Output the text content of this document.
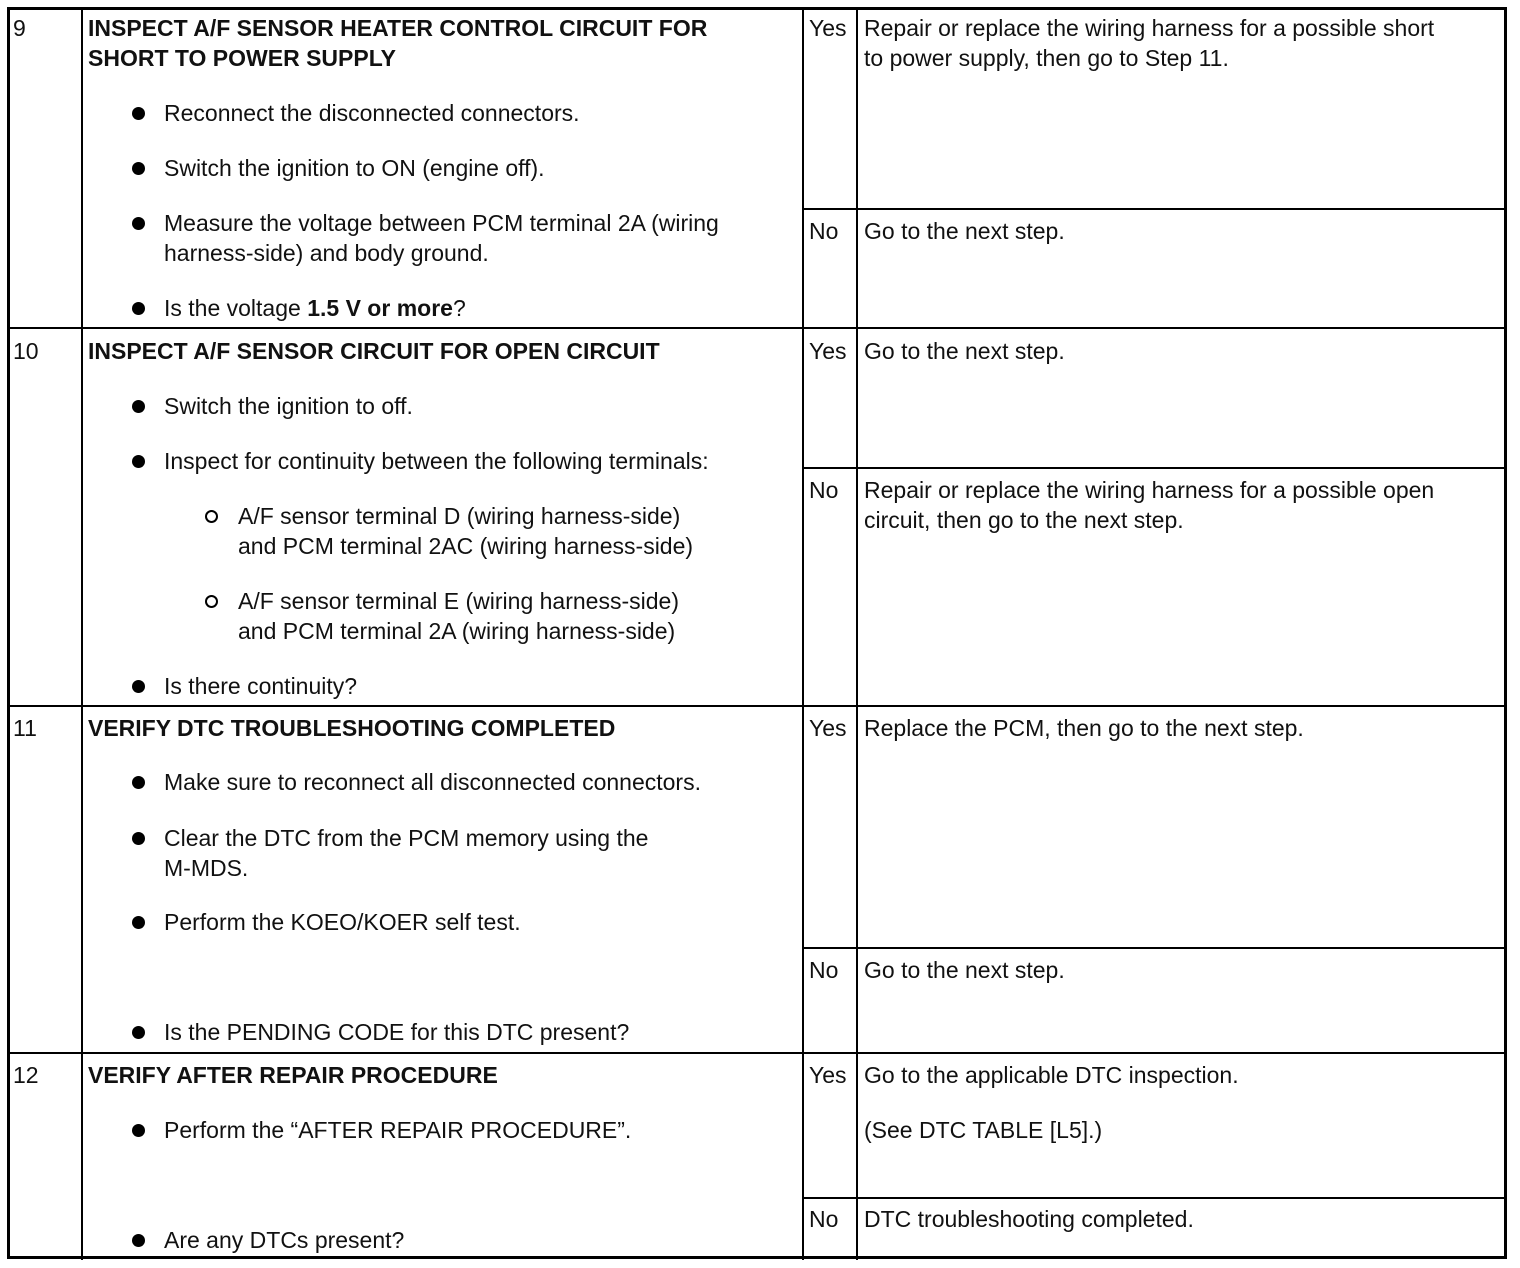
9	INSPECT A/F SENSOR HEATER CONTROL CIRCUIT FOR
SHORT TO POWER SUPPLY
Reconnect the disconnected connectors.
Switch the ignition to ON (engine off).
Measure the voltage between PCM terminal 2A (wiring
harness-side) and body ground.
Is the voltage 1.5 V or more?
Yes Repair or replace the wiring harness for a possible short
to power supply, then go to Step 11.
No Go to the next step.
10 INSPECT A/F SENSOR CIRCUIT FOR OPEN CIRCUIT
Switch the ignition to off.
Inspect for continuity between the following terminals:
A/F sensor terminal D (wiring harness-side)
and PCM terminal 2AC (wiring harness-side)
A/F sensor terminal E (wiring harness-side)
and PCM terminal 2A (wiring harness-side)
Is there continuity?
Yes Go to the next step.
No Repair or replace the wiring harness for a possible open
circuit, then go to the next step.
11 VERIFY DTC TROUBLESHOOTING COMPLETED
Make sure to reconnect all disconnected connectors.
Clear the DTC from the PCM memory using the
M-MDS.
Perform the KOEO/KOER self test.
Is the PENDING CODE for this DTC present?
Yes Replace the PCM, then go to the next step.
No Go to the next step.
12 VERIFY AFTER REPAIR PROCEDURE
Perform the “AFTER REPAIR PROCEDURE”.
Are any DTCs present?
Yes Go to the applicable DTC inspection.
(See DTC TABLE [L5].)
No DTC troubleshooting completed.
